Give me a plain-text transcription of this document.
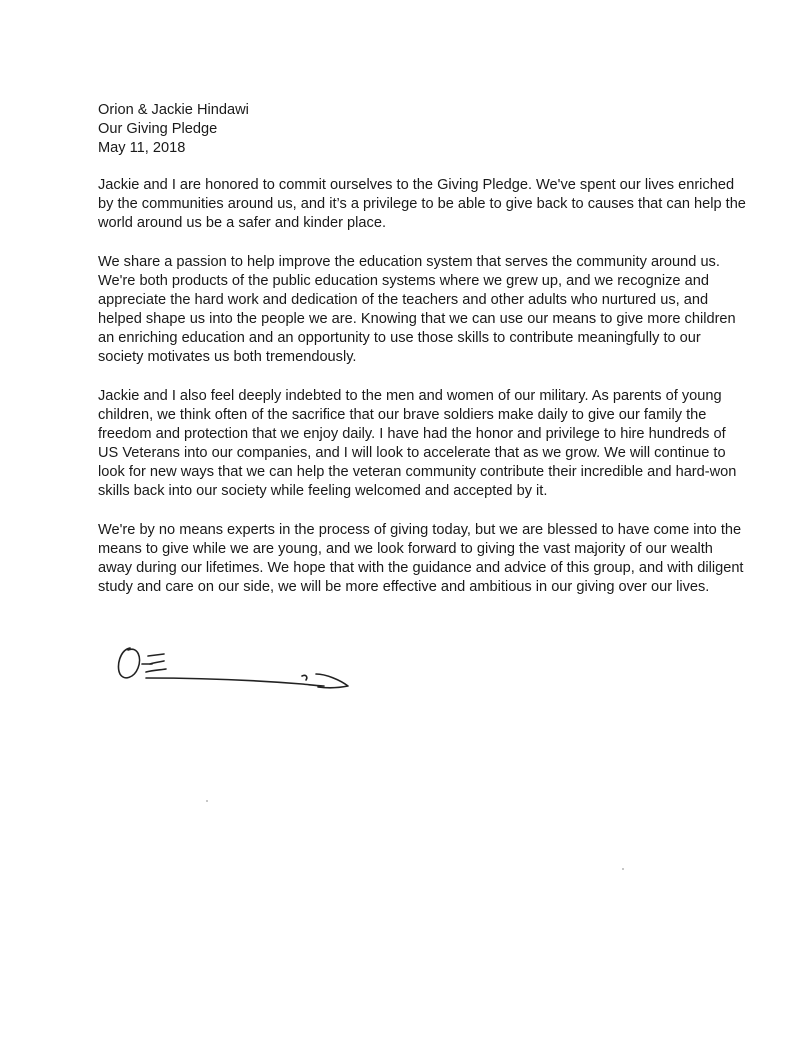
Orion & Jackie Hindawi
Our Giving Pledge
May 11, 2018

Jackie and I are honored to commit ourselves to the Giving Pledge. We've spent our lives enriched by the communities around us, and it’s a privilege to be able to give back to causes that can help the world around us be a safer and kinder place.

We share a passion to help improve the education system that serves the community around us. We're both products of the public education systems where we grew up, and we recognize and appreciate the hard work and dedication of the teachers and other adults who nurtured us, and helped shape us into the people we are. Knowing that we can use our means to give more children an enriching education and an opportunity to use those skills to contribute meaningfully to our society motivates us both tremendously.

Jackie and I also feel deeply indebted to the men and women of our military. As parents of young children, we think often of the sacrifice that our brave soldiers make daily to give our family the freedom and protection that we enjoy daily. I have had the honor and privilege to hire hundreds of US Veterans into our companies, and I will look to accelerate that as we grow. We will continue to look for new ways that we can help the veteran community contribute their incredible and hard-won skills back into our society while feeling welcomed and accepted by it.

We're by no means experts in the process of giving today, but we are blessed to have come into the means to give while we are young, and we look forward to giving the vast majority of our wealth away during our lifetimes. We hope that with the guidance and advice of this group, and with diligent study and care on our side, we will be more effective and ambitious in our giving over our lives.
